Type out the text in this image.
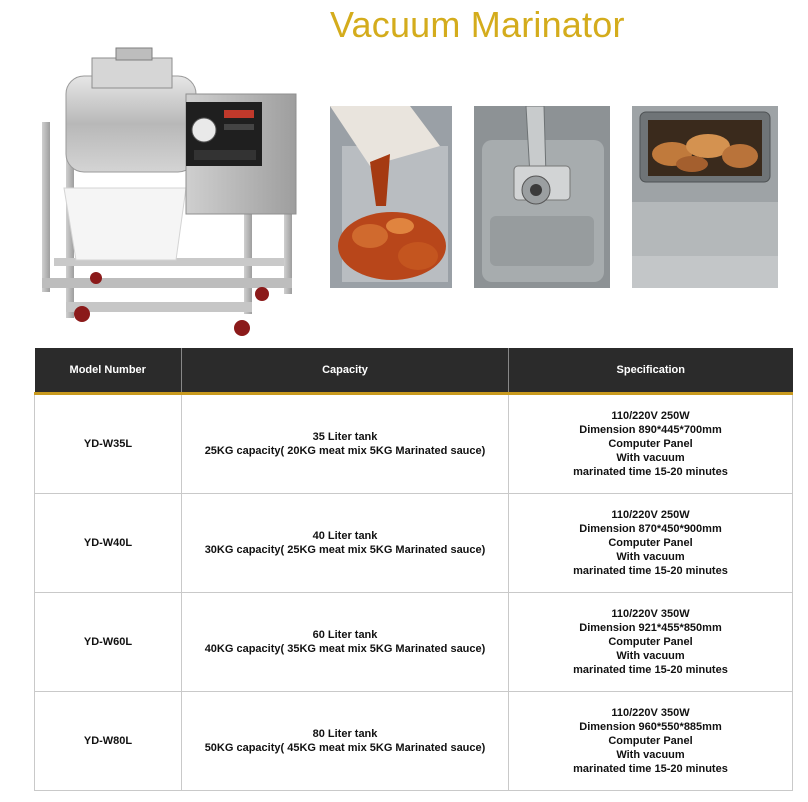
Vacuum Marinator
Model Number	Capacity	Specification
YD-W35L	35 Liter tank
25KG capacity( 20KG meat mix 5KG Marinated sauce)	110/220V 250W
Dimension 890*445*700mm
Computer Panel
With vacuum
marinated time 15-20 minutes

YD-W40L	40 Liter tank
30KG capacity( 25KG meat mix 5KG Marinated sauce)	110/220V 250W
Dimension 870*450*900mm
Computer Panel
With vacuum
marinated time 15-20 minutes

YD-W60L	60 Liter tank
40KG capacity( 35KG meat mix 5KG Marinated sauce)	110/220V 350W
Dimension 921*455*850mm
Computer Panel
With vacuum
marinated time 15-20 minutes

YD-W80L	80 Liter tank
50KG capacity( 45KG meat mix 5KG Marinated sauce)	110/220V 350W
Dimension 960*550*885mm
Computer Panel
With vacuum
marinated time 15-20 minutes
